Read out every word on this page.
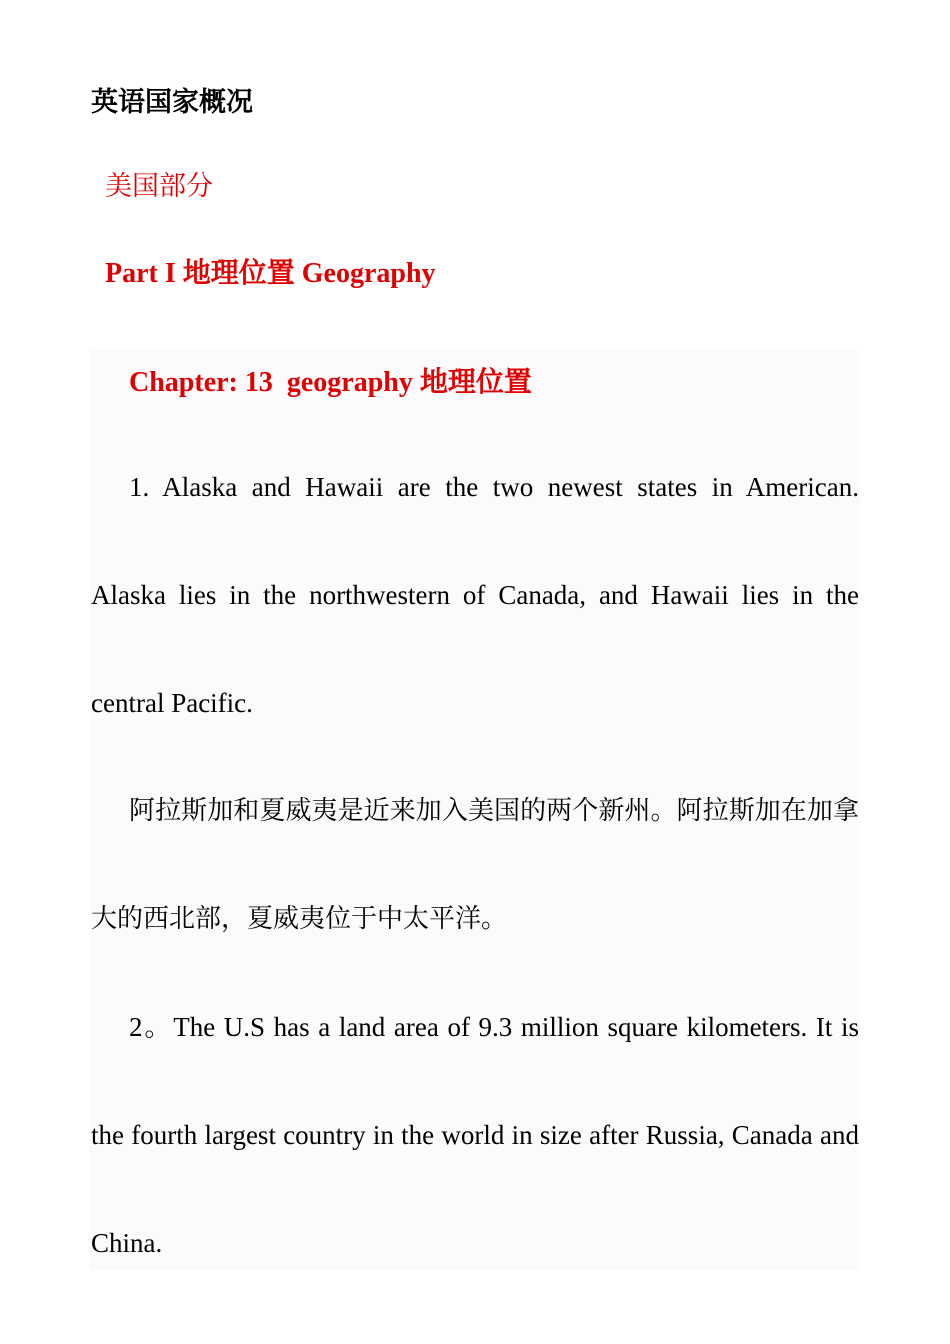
英语国家概况
美国部分
Part I 地理位置 Geography
Chapter: 13  geography 地理位置

1. Alaska and Hawaii are the two newest states in American. Alaska lies in the northwestern of Canada, and Hawaii lies in the central Pacific.

阿拉斯加和夏威夷是近来加入美国的两个新州。阿拉斯加在加拿大的西北部，夏威夷位于中太平洋。

2。The U.S has a land area of 9.3 million square kilometers. It is the fourth largest country in the world in size after Russia, Canada and China.
